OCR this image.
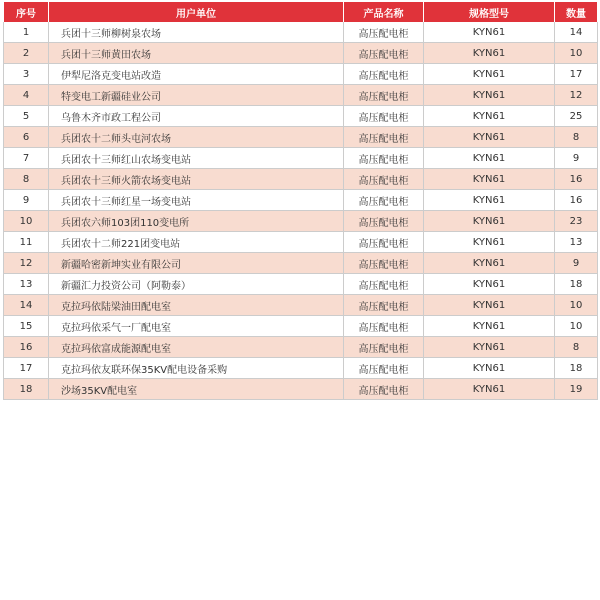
序号	用户单位	产品名称	规格型号	数量
1	兵团十三师柳树泉农场	高压配电柜	KYN61	14
2	兵团十三师黄田农场	高压配电柜	KYN61	10
3	伊犁尼洛克变电站改造	高压配电柜	KYN61	17
4	特变电工新疆硅业公司	高压配电柜	KYN61	12
5	乌鲁木齐市政工程公司	高压配电柜	KYN61	25
6	兵团农十二师头屯河农场	高压配电柜	KYN61	8
7	兵团农十三师红山农场变电站	高压配电柜	KYN61	9
8	兵团农十三师火箭农场变电站	高压配电柜	KYN61	16
9	兵团农十三师红星一场变电站	高压配电柜	KYN61	16
10	兵团农六师103团110变电所	高压配电柜	KYN61	23
11	兵团农十二师221团变电站	高压配电柜	KYN61	13
12	新疆哈密新坤实业有限公司	高压配电柜	KYN61	9
13	新疆汇力投资公司（阿勒泰）	高压配电柜	KYN61	18
14	克拉玛依陆梁油田配电室	高压配电柜	KYN61	10
15	克拉玛依采气一厂配电室	高压配电柜	KYN61	10
16	克拉玛依富成能源配电室	高压配电柜	KYN61	8
17	克拉玛依友联环保35KV配电设备采购	高压配电柜	KYN61	18
18	沙场35KV配电室	高压配电柜	KYN61	19
